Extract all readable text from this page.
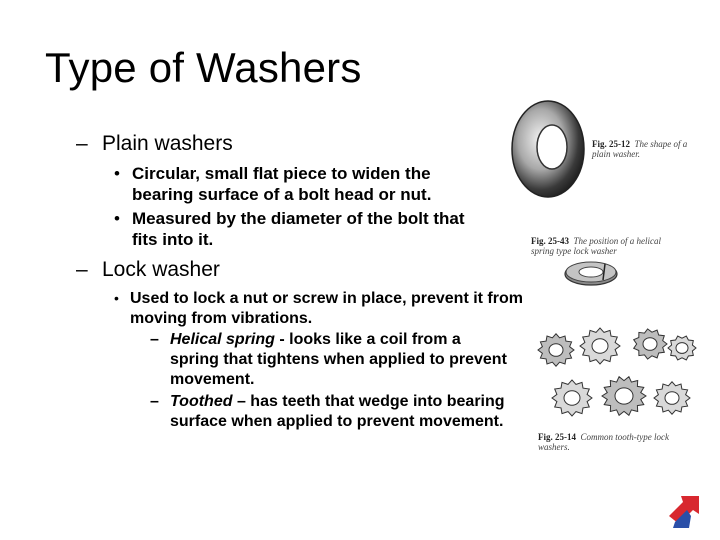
Type of Washers
– Plain washers
• Circular, small flat piece to widen the bearing surface of a bolt head or nut.
• Measured by the diameter of the bolt that fits into it.
– Lock washer
• Used to lock a nut or screw in place, prevent it from moving from vibrations.
– Helical spring - looks like a coil from a spring that tightens when applied to prevent movement.
– Toothed – has teeth that wedge into bearing surface when applied to prevent movement.
Fig. 25-12 The shape of a plain washer.
Fig. 25-43 The position of a helical spring type lock washer
Fig. 25-14 Common tooth-type lock washers.
